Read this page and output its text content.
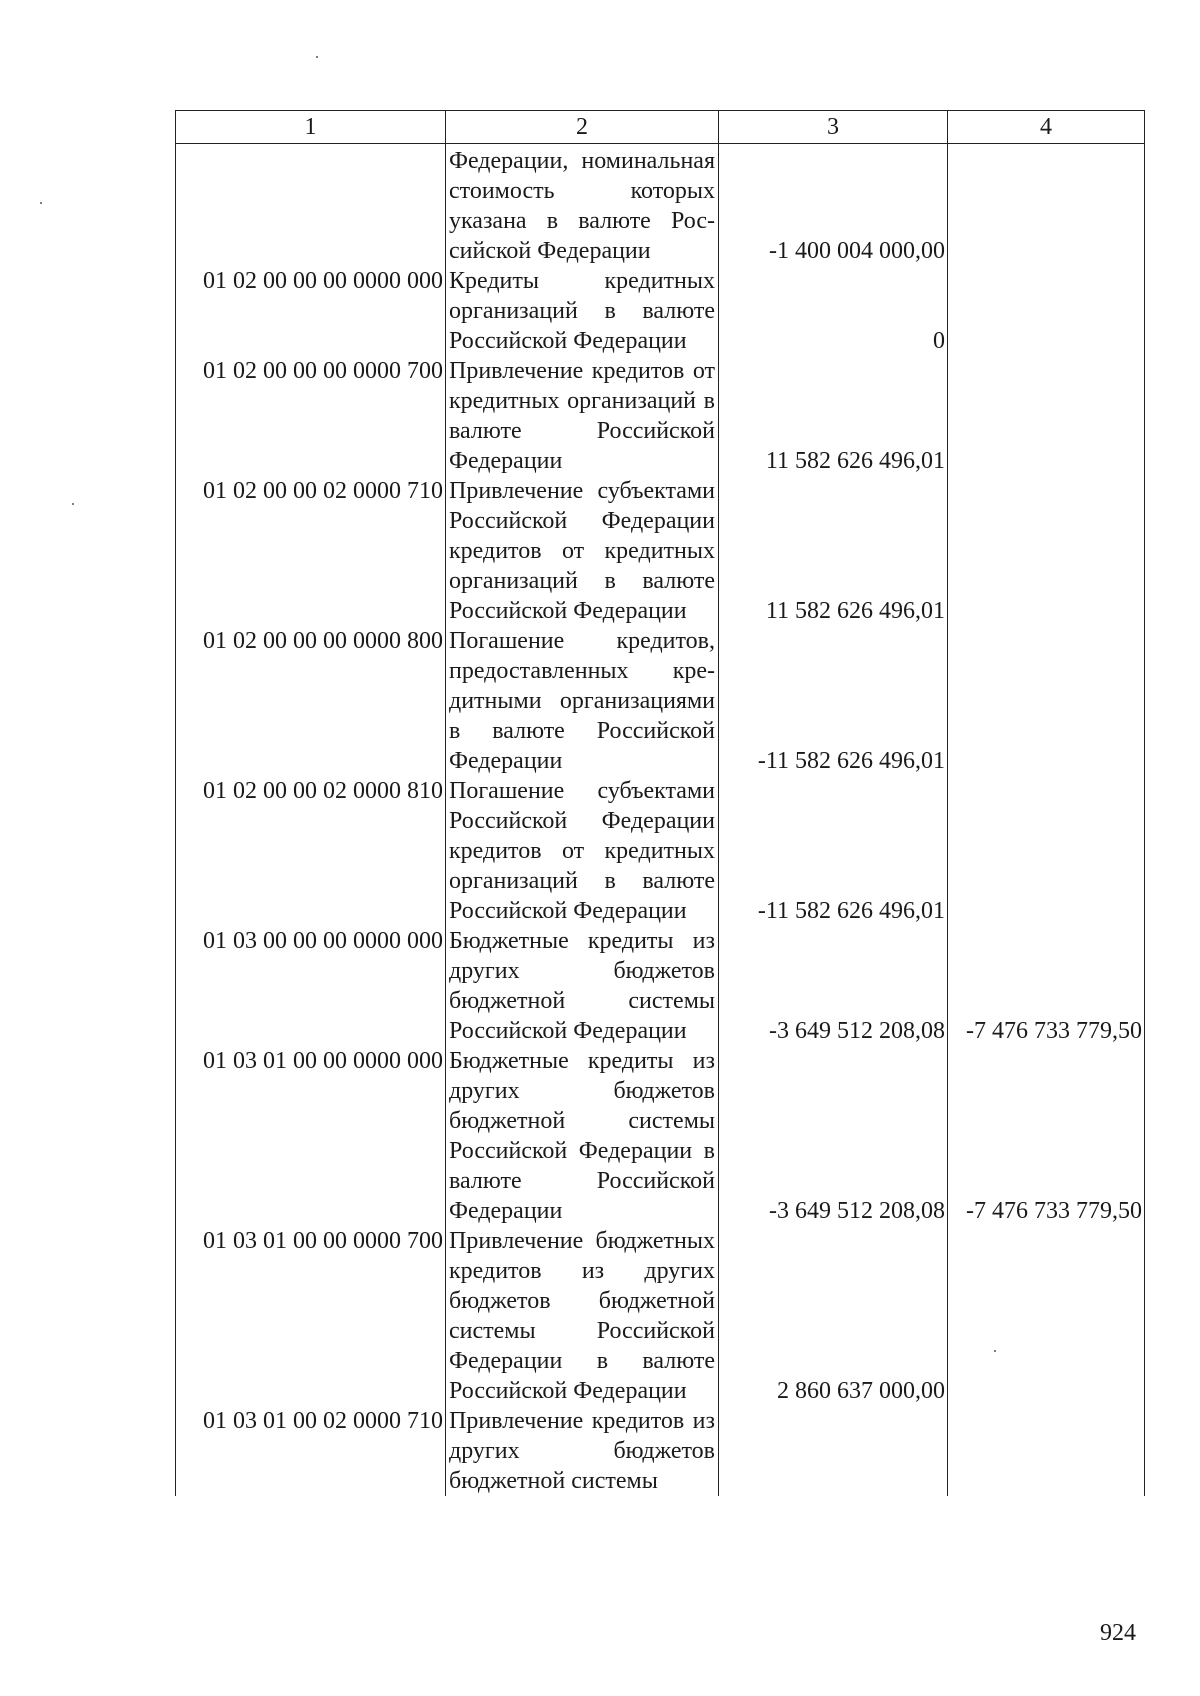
1	2	3	4
	Федерации, номинальная стоимость которых указана в валюте Российской Федерации	-1 400 004 000,00	
01 02 00 00 00 0000 000	Кредиты кредитных организаций в валюте Российской Федерации	0	
01 02 00 00 00 0000 700	Привлечение кредитов от кредитных организаций в валюте Российской Федерации	11 582 626 496,01	
01 02 00 00 02 0000 710	Привлечение субъектами Российской Федерации кредитов от кредитных организаций в валюте Российской Федерации	11 582 626 496,01	
01 02 00 00 00 0000 800	Погашение кредитов, предоставленных кредитными организациями в валюте Российской Федерации	-11 582 626 496,01	
01 02 00 00 02 0000 810	Погашение субъектами Российской Федерации кредитов от кредитных организаций в валюте Российской Федерации	-11 582 626 496,01	
01 03 00 00 00 0000 000	Бюджетные кредиты из других бюджетов бюджетной системы Российской Федерации	-3 649 512 208,08	-7 476 733 779,50
01 03 01 00 00 0000 000	Бюджетные кредиты из других бюджетов бюджетной системы Российской Федерации в валюте Российской Федерации	-3 649 512 208,08	-7 476 733 779,50
01 03 01 00 00 0000 700	Привлечение бюджетных кредитов из других бюджетов бюджетной системы Российской Федерации в валюте Российской Федерации	2 860 637 000,00	
01 03 01 00 02 0000 710	Привлечение кредитов из других бюджетов бюджетной системы		
924
